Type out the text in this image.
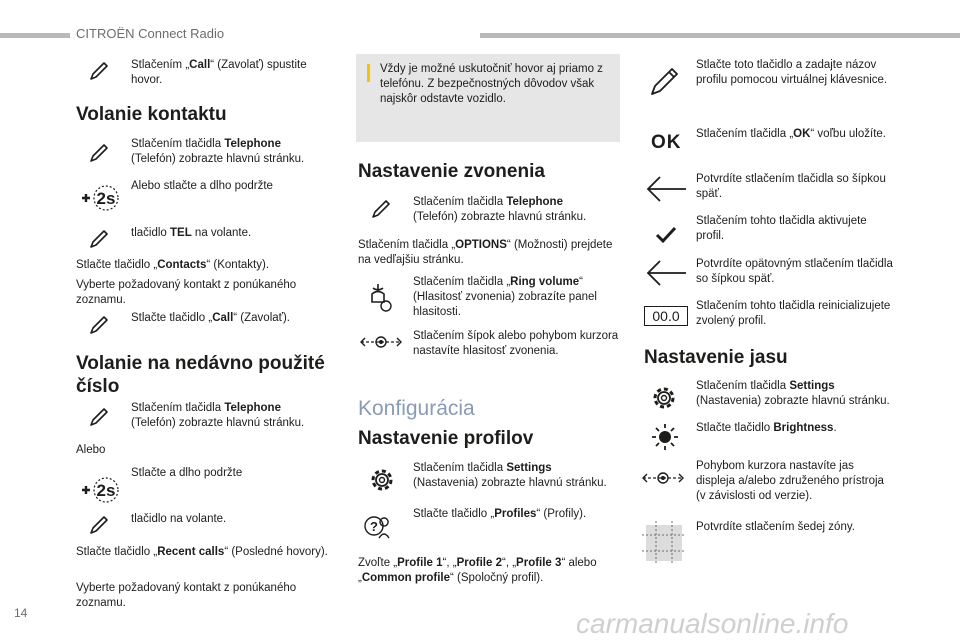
CITROËN Connect Radio
Stlačením „Call“ (Zavolať) spustite hovor.
Volanie kontaktu
Stlačením tlačidla Telephone
(Telefón) zobrazte hlavnú stránku.
2s
Alebo stlačte a dlho podržte
tlačidlo TEL na volante.
Stlačte tlačidlo „Contacts“ (Kontakty).
Vyberte požadovaný kontakt z ponúkaného zoznamu.
Stlačte tlačidlo „Call“ (Zavolať).
Volanie na nedávno použité číslo
Stlačením tlačidla Telephone
(Telefón) zobrazte hlavnú stránku.
Alebo
2s
Stlačte a dlho podržte
tlačidlo na volante.
Stlačte tlačidlo „Recent calls“ (Posledné hovory).
Vyberte požadovaný kontakt z ponúkaného zoznamu.
Vždy je možné uskutočniť hovor aj priamo z telefónu. Z bezpečnostných dôvodov však najskôr odstavte vozidlo.
Nastavenie zvonenia
Stlačením tlačidla Telephone
(Telefón) zobrazte hlavnú stránku.
Stlačením tlačidla „OPTIONS“ (Možnosti) prejdete na vedľajšiu stránku.
Stlačením tlačidla „Ring volume“ (Hlasitosť zvonenia) zobrazíte panel hlasitosti.
Stlačením šípok alebo pohybom kurzora nastavíte hlasitosť zvonenia.
Konfigurácia
Nastavenie profilov
Stlačením tlačidla Settings
(Nastavenia) zobrazte hlavnú stránku.
?
Stlačte tlačidlo „Profiles“ (Profily).
Zvoľte „Profile 1“, „Profile 2“, „Profile 3“ alebo „Common profile“ (Spoločný profil).
Stlačte toto tlačidlo a zadajte názov profilu pomocou virtuálnej klávesnice.
OK Stlačením tlačidla „OK“ voľbu uložíte.
Potvrdíte stlačením tlačidla so šípkou späť.
Stlačením tohto tlačidla aktivujete profil.
Potvrdíte opätovným stlačením tlačidla so šípkou späť.
00.0
Stlačením tohto tlačidla reinicializujete zvolený profil.
Nastavenie jasu
Stlačením tlačidla Settings
(Nastavenia) zobrazte hlavnú stránku.
Stlačte tlačidlo Brightness.
Pohybom kurzora nastavíte jas displeja a/alebo združeného prístroja (v závislosti od verzie).
Potvrdíte stlačením šedej zóny.
14	carmanualsonline.info
